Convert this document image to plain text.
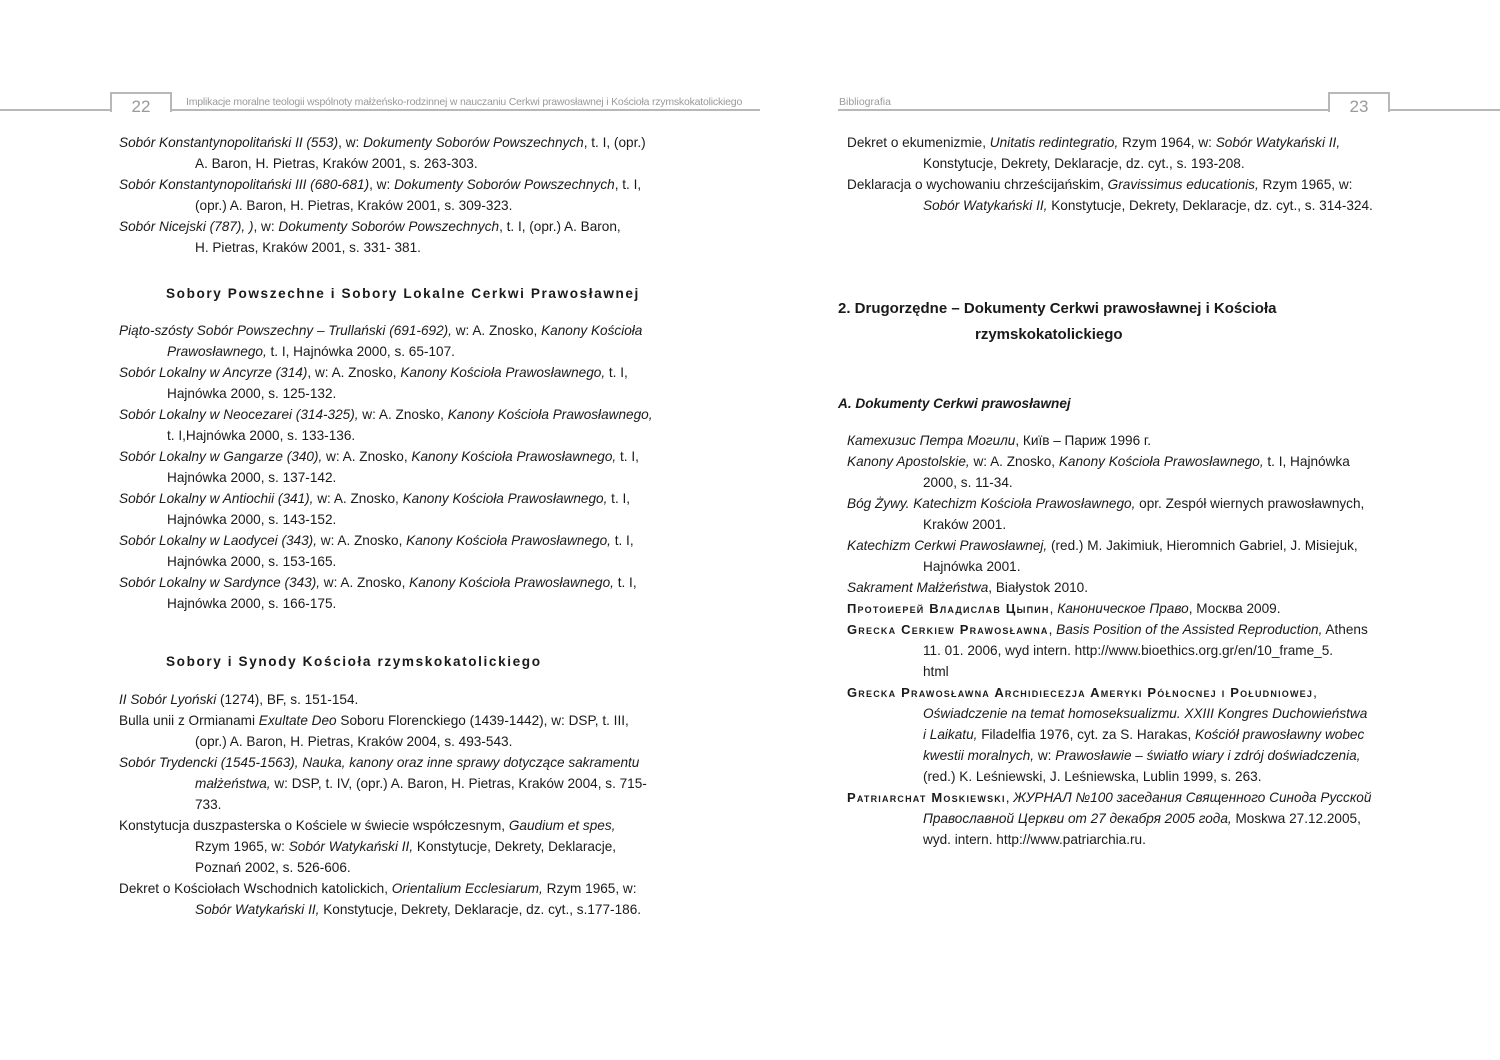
22	Implikacje moralne teologii wspólnoty małżeńsko-rodzinnej w nauczaniu Cerkwi prawosławnej i Kościoła rzymskokatolickiego	Bibliografia	23

Sobór Konstantynopolitański II (553), w: Dokumenty Soborów Powszechnych, t. I, (opr.)
A. Baron, H. Pietras, Kraków 2001, s. 263-303.

Sobór Konstantynopolitański III (680-681), w: Dokumenty Soborów Powszechnych, t. I,
(opr.) A. Baron, H. Pietras, Kraków 2001, s. 309-323.

Sobór Nicejski (787), ), w: Dokumenty Soborów Powszechnych, t. I, (opr.) A. Baron,
H. Pietras, Kraków 2001, s. 331- 381.

Sobory Powszechne i Sobory Lokalne Cerkwi Prawosławnej

Piąto-szósty Sobór Powszechny – Trullański (691-692), w: A. Znosko, Kanony Kościoła
Prawosławnego, t. I, Hajnówka 2000, s. 65-107.

Sobór Lokalny w Ancyrze (314), w: A. Znosko, Kanony Kościoła Prawosławnego, t. I,
Hajnówka 2000, s. 125-132.

Sobór Lokalny w Neocezarei (314-325), w: A. Znosko, Kanony Kościoła Prawosławnego,
t. I,Hajnówka 2000, s. 133-136.

Sobór Lokalny w Gangarze (340), w: A. Znosko, Kanony Kościoła Prawosławnego, t. I,
Hajnówka 2000, s. 137-142.

Sobór Lokalny w Antiochii (341), w: A. Znosko, Kanony Kościoła Prawosławnego, t. I,
Hajnówka 2000, s. 143-152.

Sobór Lokalny w Laodycei (343), w: A. Znosko, Kanony Kościoła Prawosławnego, t. I,
Hajnówka 2000, s. 153-165.

Sobór Lokalny w Sardynce (343), w: A. Znosko, Kanony Kościoła Prawosławnego, t. I,
Hajnówka 2000, s. 166-175.

Sobory i Synody Kościoła rzymskokatolickiego

II Sobór Lyoński (1274), BF, s. 151-154.

Bulla unii z Ormianami Exultate Deo Soboru Florenckiego (1439-1442), w: DSP, t. III,
(opr.) A. Baron, H. Pietras, Kraków 2004, s. 493-543.

Sobór Trydencki (1545-1563), Nauka, kanony oraz inne sprawy dotyczące sakramentu
małżeństwa, w: DSP, t. IV, (opr.) A. Baron, H. Pietras, Kraków 2004, s. 715-
733.

Konstytucja duszpasterska o Kościele w świecie współczesnym, Gaudium et spes,
Rzym 1965, w: Sobór Watykański II, Konstytucje, Dekrety, Deklaracje,
Poznań 2002, s. 526-606.

Dekret o Kościołach Wschodnich katolickich, Orientalium Ecclesiarum, Rzym 1965, w:
Sobór Watykański II, Konstytucje, Dekrety, Deklaracje, dz. cyt., s.177-186.

Dekret o ekumenizmie, Unitatis redintegratio, Rzym 1964, w: Sobór Watykański II,
Konstytucje, Dekrety, Deklaracje, dz. cyt., s. 193-208.

Deklaracja o wychowaniu chrześcijańskim, Gravissimus educationis, Rzym 1965, w:
Sobór Watykański II, Konstytucje, Dekrety, Deklaracje, dz. cyt., s. 314-324.

2. Drugorzędne – Dokumenty Cerkwi prawosławnej i Kościoła
rzymskokatolickiego

A. Dokumenty Cerkwi prawosławnej

Катехизис Петра Могили, Київ – Париж 1996 г.

Kanony Apostolskie, w: A. Znosko, Kanony Kościoła Prawosławnego, t. I, Hajnówka
2000, s. 11-34.

Bóg Żywy. Katechizm Kościoła Prawosławnego, opr. Zespół wiernych prawosławnych,
Kraków 2001.

Katechizm Cerkwi Prawosławnej, (red.) M. Jakimiuk, Hieromnich Gabriel, J. Misiejuk,
Hajnówka 2001.

Sakrament Małżeństwa, Białystok 2010.

Протоиерей Владислав Цыпин, Каноническое Право, Москва 2009.

Grecka Cerkiew Prawosławna, Basis Position of the Assisted Reproduction, Athens
11. 01. 2006, wyd intern. http://www.bioethics.org.gr/en/10_frame_5.
html

Grecka Prawosławna Archidiecezja Ameryki Północnej i Południowej,
Oświadczenie na temat homoseksualizmu. XXIII Kongres Duchowieństwa
i Laikatu, Filadelfia 1976, cyt. za S. Harakas, Kościół prawosławny wobec
kwestii moralnych, w: Prawosławie – światło wiary i zdrój doświadczenia,
(red.) K. Leśniewski, J. Leśniewska, Lublin 1999, s. 263.

Patriarchat Moskiewski, ЖУРНАЛ №100 заседания Священного Синода Русской
Православной Церкви от 27 декабря 2005 года, Moskwa 27.12.2005,
wyd. intern. http://www.patriarchia.ru.
